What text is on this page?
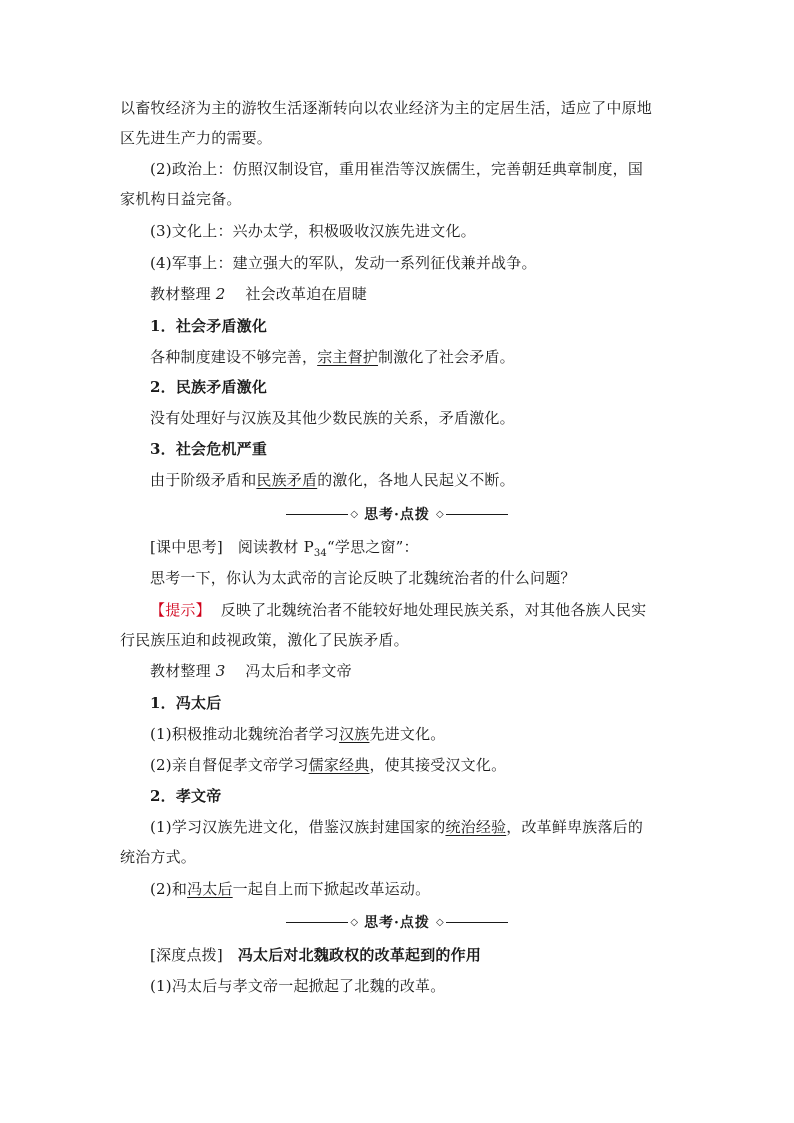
以畜牧经济为主的游牧生活逐渐转向以农业经济为主的定居生活，适应了中原地
区先进生产力的需要。
(2)政治上：仿照汉制设官，重用崔浩等汉族儒生，完善朝廷典章制度，国
家机构日益完备。
(3)文化上：兴办太学，积极吸收汉族先进文化。
(4)军事上：建立强大的军队，发动一系列征伐兼并战争。
教材整理 2 社会改革迫在眉睫
1．社会矛盾激化
各种制度建设不够完善，宗主督护制激化了社会矛盾。
2．民族矛盾激化
没有处理好与汉族及其他少数民族的关系，矛盾激化。
3．社会危机严重
由于阶级矛盾和民族矛盾的激化，各地人民起义不断。
◇ 思考·点拨 ◇
[课中思考] 阅读教材 $P_{34}“$学思之窗”：
思考一下，你认为太武帝的言论反映了北魏统治者的什么问题？
【提示】 反映了北魏统治者不能较好地处理民族关系，对其他各族人民实
行民族压迫和歧视政策，激化了民族矛盾。
教材整理 3 冯太后和孝文帝
1．冯太后
(1)积极推动北魏统治者学习汉族先进文化。
(2)亲自督促孝文帝学习儒家经典，使其接受汉文化。
2．孝文帝
(1)学习汉族先进文化，借鉴汉族封建国家的统治经验，改革鲜卑族落后的
统治方式。
(2)和冯太后一起自上而下掀起改革运动。
◇ 思考·点拨 ◇
[深度点拨] 冯太后对北魏政权的改革起到的作用
(1)冯太后与孝文帝一起掀起了北魏的改革。
